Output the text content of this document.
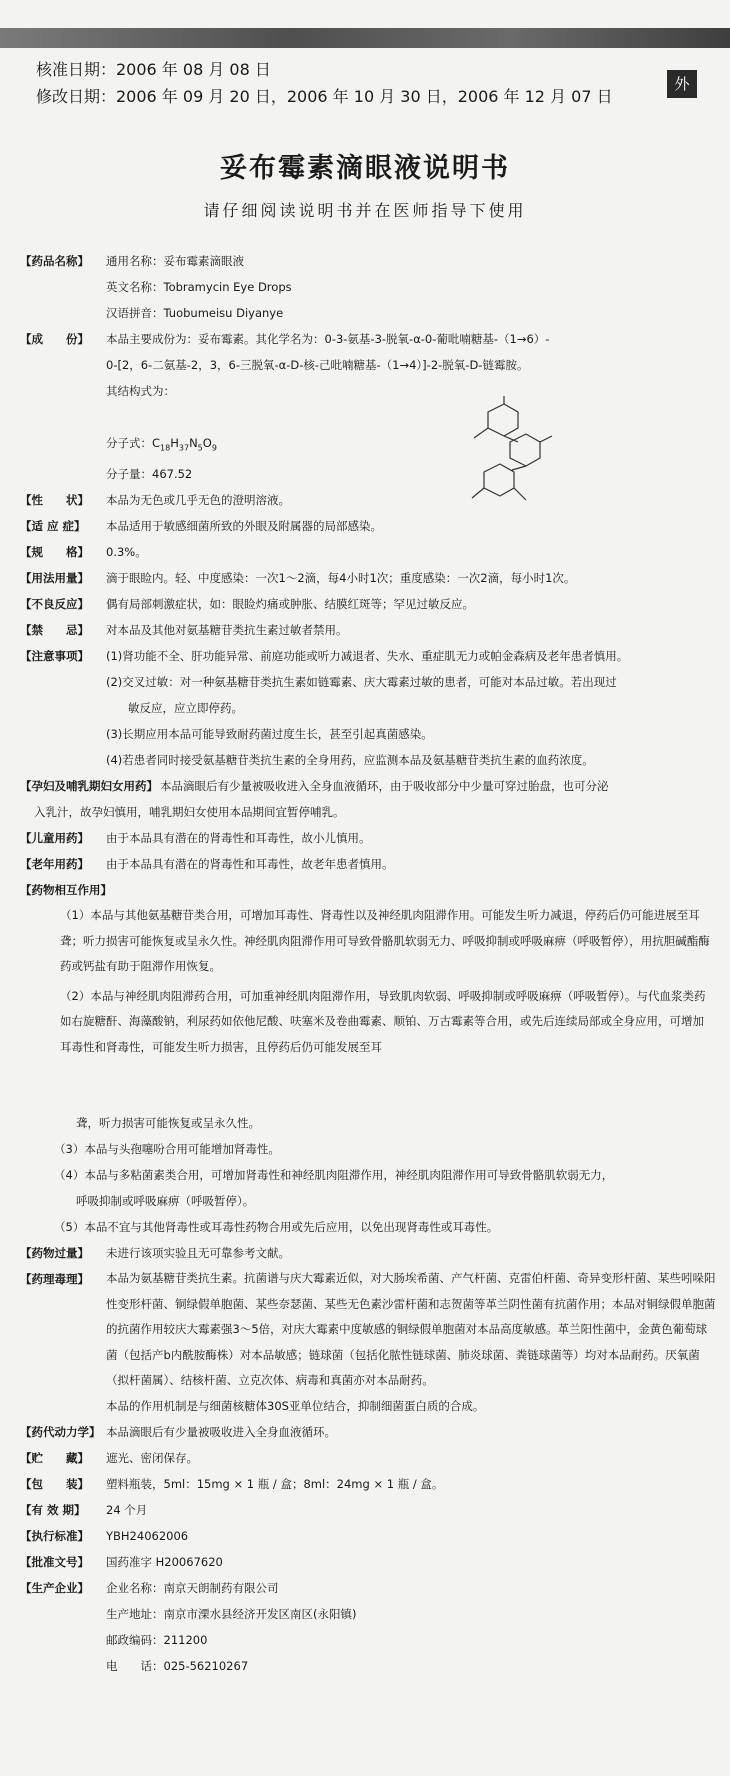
核准日期：2006 年 08 月 08 日
修改日期：2006 年 09 月 20 日，2006 年 10 月 30 日，2006 年 12 月 07 日
外
妥布霉素滴眼液说明书
请仔细阅读说明书并在医师指导下使用
【药品名称】	通用名称：妥布霉素滴眼液
英文名称：Tobramycin Eye Drops
汉语拼音：Tuobumeisu Diyanye
【成　　份】	本品主要成份为：妥布霉素。其化学名为：0-3-氨基-3-脱氧-α-0-葡吡喃糖基-（1→6）-
0-[2，6-二氨基-2，3，6-三脱氧-α-D-核-己吡喃糖基-（1→4）]-2-脱氧-D-链霉胺。
其结构式为：
分子式：$C_{18}H_{37}N_5O_9$
分子量：467.52
【性　　状】	本品为无色或几乎无色的澄明溶液。
【适 应 症】	本品适用于敏感细菌所致的外眼及附属器的局部感染。
【规　　格】	0.3%。
【用法用量】	滴于眼睑内。轻、中度感染：一次1～2滴，每4小时1次；重度感染：一次2滴，每小时1次。
【不良反应】	偶有局部刺激症状，如：眼睑灼痛或肿胀、结膜红斑等；罕见过敏反应。
【禁　　忌】	对本品及其他对氨基糖苷类抗生素过敏者禁用。
【注意事项】	(1)肾功能不全、肝功能异常、前庭功能或听力减退者、失水、重症肌无力或帕金森病及老年患者慎用。
(2)交叉过敏：对一种氨基糖苷类抗生素如链霉素、庆大霉素过敏的患者，可能对本品过敏。若出现过
敏反应，应立即停药。
(3)长期应用本品可能导致耐药菌过度生长，甚至引起真菌感染。
(4)若患者同时接受氨基糖苷类抗生素的全身用药，应监测本品及氨基糖苷类抗生素的血药浓度。
【孕妇及哺乳期妇女用药】 本品滴眼后有少量被吸收进入全身血液循环，由于吸收部分中少量可穿过胎盘，也可分泌
入乳汁，故孕妇慎用，哺乳期妇女使用本品期间宜暂停哺乳。
【儿童用药】	由于本品具有潜在的肾毒性和耳毒性，故小儿慎用。
【老年用药】	由于本品具有潜在的肾毒性和耳毒性，故老年患者慎用。
【药物相互作用】
（1）本品与其他氨基糖苷类合用，可增加耳毒性、肾毒性以及神经肌肉阻滞作用。可能发生听力减退，停药后仍可能进展至耳聋；听力损害可能恢复或呈永久性。神经肌肉阻滞作用可导致骨骼肌软弱无力、呼吸抑制或呼吸麻痹（呼吸暂停），用抗胆碱酯酶药或钙盐有助于阻滞作用恢复。
（2）本品与神经肌肉阻滞药合用，可加重神经肌肉阻滞作用，导致肌肉软弱、呼吸抑制或呼吸麻痹（呼吸暂停）。与代血浆类药如右旋糖酐、海藻酸钠，利尿药如依他尼酸、呋塞米及卷曲霉素、顺铂、万古霉素等合用，或先后连续局部或全身应用，可增加耳毒性和肾毒性，可能发生听力损害，且停药后仍可能发展至耳
聋，听力损害可能恢复或呈永久性。
（3）本品与头孢噻吩合用可能增加肾毒性。
（4）本品与多粘菌素类合用，可增加肾毒性和神经肌肉阻滞作用，神经肌肉阻滞作用可导致骨骼肌软弱无力，
呼吸抑制或呼吸麻痹（呼吸暂停）。
（5）本品不宜与其他肾毒性或耳毒性药物合用或先后应用，以免出现肾毒性或耳毒性。
【药物过量】	未进行该项实验且无可靠参考文献。
【药理毒理】	本品为氨基糖苷类抗生素。抗菌谱与庆大霉素近似，对大肠埃希菌、产气杆菌、克雷伯杆菌、奇异变形杆菌、某些吲哚阳性变形杆菌、铜绿假单胞菌、某些奈瑟菌、某些无色素沙雷杆菌和志贺菌等革兰阴性菌有抗菌作用；本品对铜绿假单胞菌的抗菌作用较庆大霉素强3～5倍，对庆大霉素中度敏感的铜绿假单胞菌对本品高度敏感。革兰阳性菌中，金黄色葡萄球菌（包括产b内酰胺酶株）对本品敏感；链球菌（包括化脓性链球菌、肺炎球菌、粪链球菌等）均对本品耐药。厌氧菌（拟杆菌属）、结核杆菌、立克次体、病毒和真菌亦对本品耐药。
本品的作用机制是与细菌核糖体30S亚单位结合，抑制细菌蛋白质的合成。
【药代动力学】 本品滴眼后有少量被吸收进入全身血液循环。
【贮　　藏】	遮光、密闭保存。
【包　　装】	塑料瓶装，5ml：15mg × 1 瓶 / 盒；8ml：24mg × 1 瓶 / 盒。
【有 效 期】	24 个月
【执行标准】	YBH24062006
【批准文号】	国药准字 H20067620
【生产企业】	企业名称：南京天朗制药有限公司
生产地址：南京市溧水县经济开发区南区(永阳镇)
邮政编码：211200
电　　话：025-56210267
